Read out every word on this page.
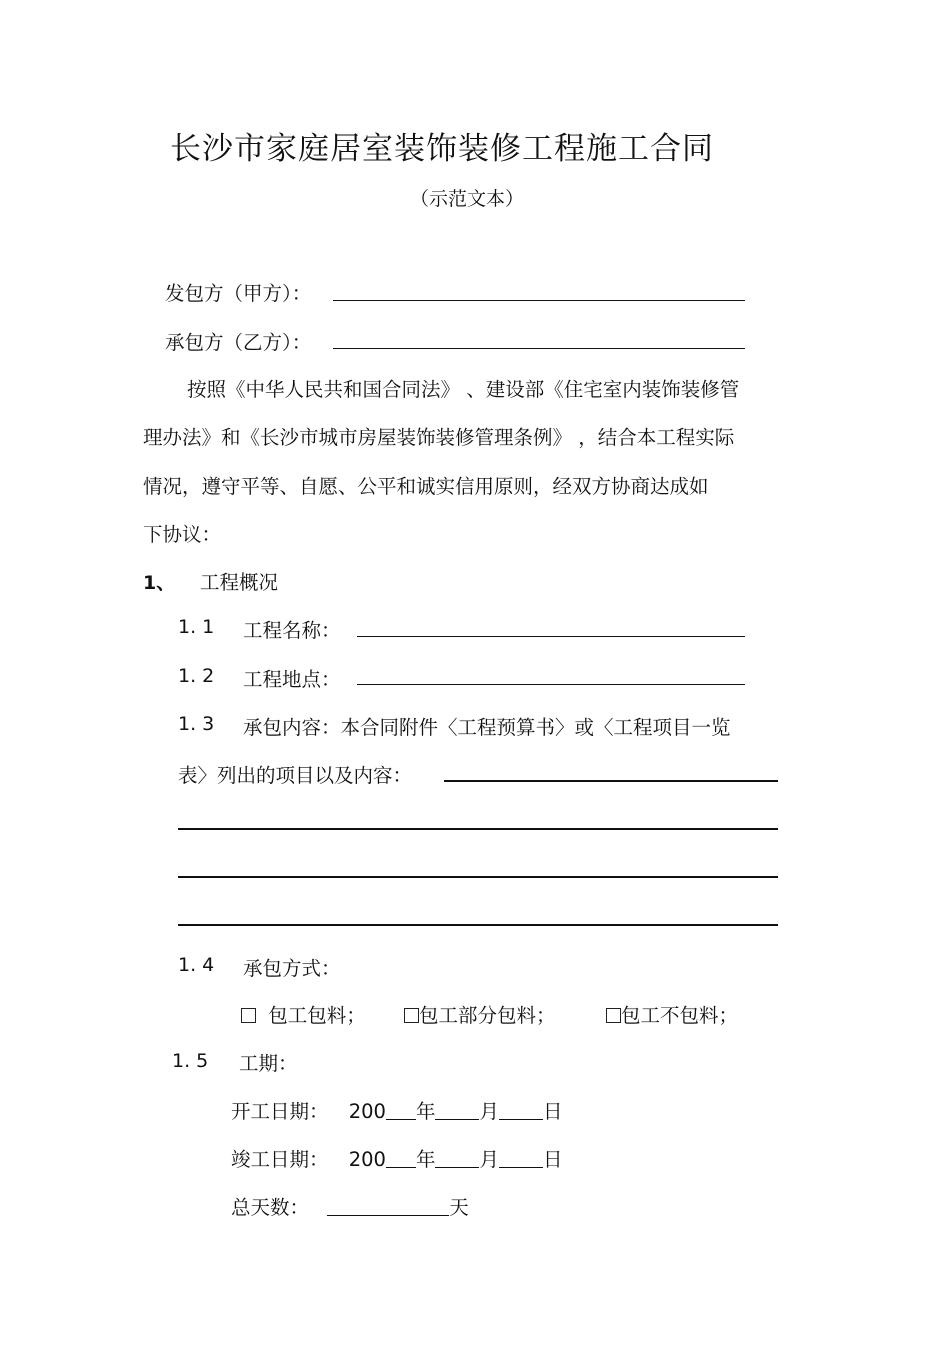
长沙市家庭居室装饰装修工程施工合同
（示范文本）
发包方（甲方）：
承包方（乙方）：
按照《中华人民共和国合同法》 、建设部《住宅室内装饰装修管
理办法》和《长沙市城市房屋装饰装修管理条例》 ，结合本工程实际
情况，遵守平等、自愿、公平和诚实信用原则，经双方协商达成如
下协议：
1、 工程概况
1. 1 工程名称：
1. 2 工程地点：
1. 3 承包内容：本合同附件〈工程预算书〉或〈工程项目一览
表〉列出的项目以及内容：
1. 4 承包方式：
包工包料；	包工部分包料；	包工不包料；
1. 5 工期：
开工日期： 200 年 月 日
竣工日期： 200 年 月 日
总天数：	天
